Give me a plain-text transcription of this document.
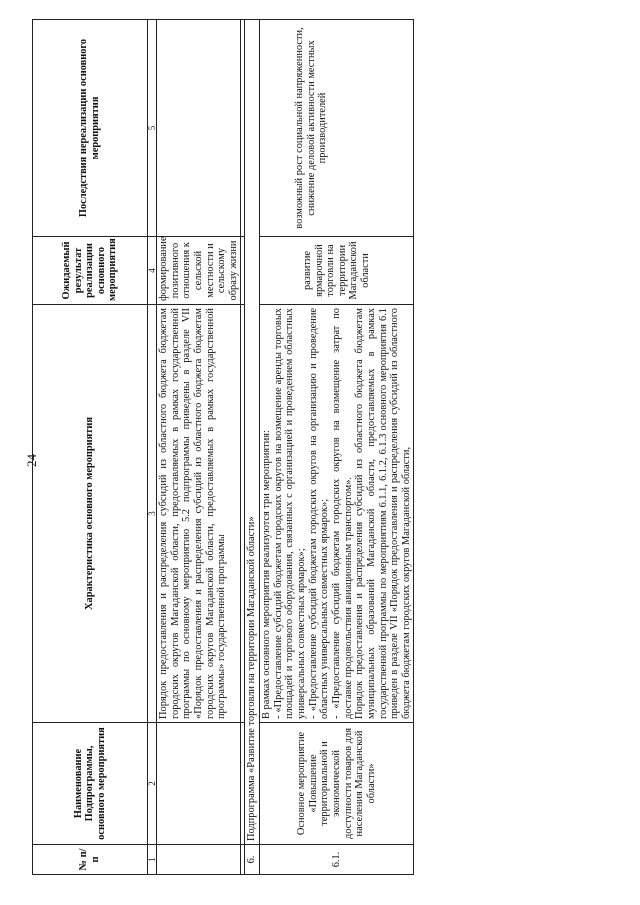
24
№ п/п	Наименование Подпрограммы, основного мероприятия	Характеристика основного мероприятия	Ожидаемый результат реализации основного мероприятия	Последствия нереализации основного мероприятия
1	2	3	4	5
		Порядок предоставления и распределения субсидий из областного бюджета бюджетам городских округов Магаданской области, предоставляемых в рамках государственной программы по основному мероприятию 5.2 подпрограммы приведены в разделе VII «Порядок предоставления и распределения субсидий из областного бюджета бюджетам городских округов Магаданской области, предоставляемых в рамках государственной программы» государственной программы	формирование позитивного отношения к сельской местности и сельскому образу жизни	

6.	Подпрограмма «Развитие торговли на территории Магаданской области»			
6.1.	Основное мероприятие «Повышение территориальной и экономической доступности товаров для населения Магаданской области»	В рамках основного мероприятия реализуются три мероприятия:
- «Предоставление субсидий бюджетам городских округов на возмещение аренды торговых площадей и торгового оборудования, связанных с организацией и проведением областных универсальных совместных ярмарок»;
- «Предоставление субсидий бюджетам городских округов на организацию и проведение областных универсальных совместных ярмарок»;
- «Предоставление субсидий бюджетам городских округов на возмещение затрат по доставке продовольствия авиационным транспортом».
Порядок предоставления и распределения субсидий из областного бюджета бюджетам муниципальных образований Магаданской области, предоставляемых в рамках государственной программы по мероприятиям 6.1.1, 6.1.2, 6.1.3 основного мероприятия 6.1 приведен в разделе VII «Порядок предоставления и распределения субсидий из областного бюджета бюджетам городских округов Магаданской области,	развитие ярмарочной торговли на территории Магаданской области	возможный рост социальной напряженности, снижение деловой активности местных производителей
